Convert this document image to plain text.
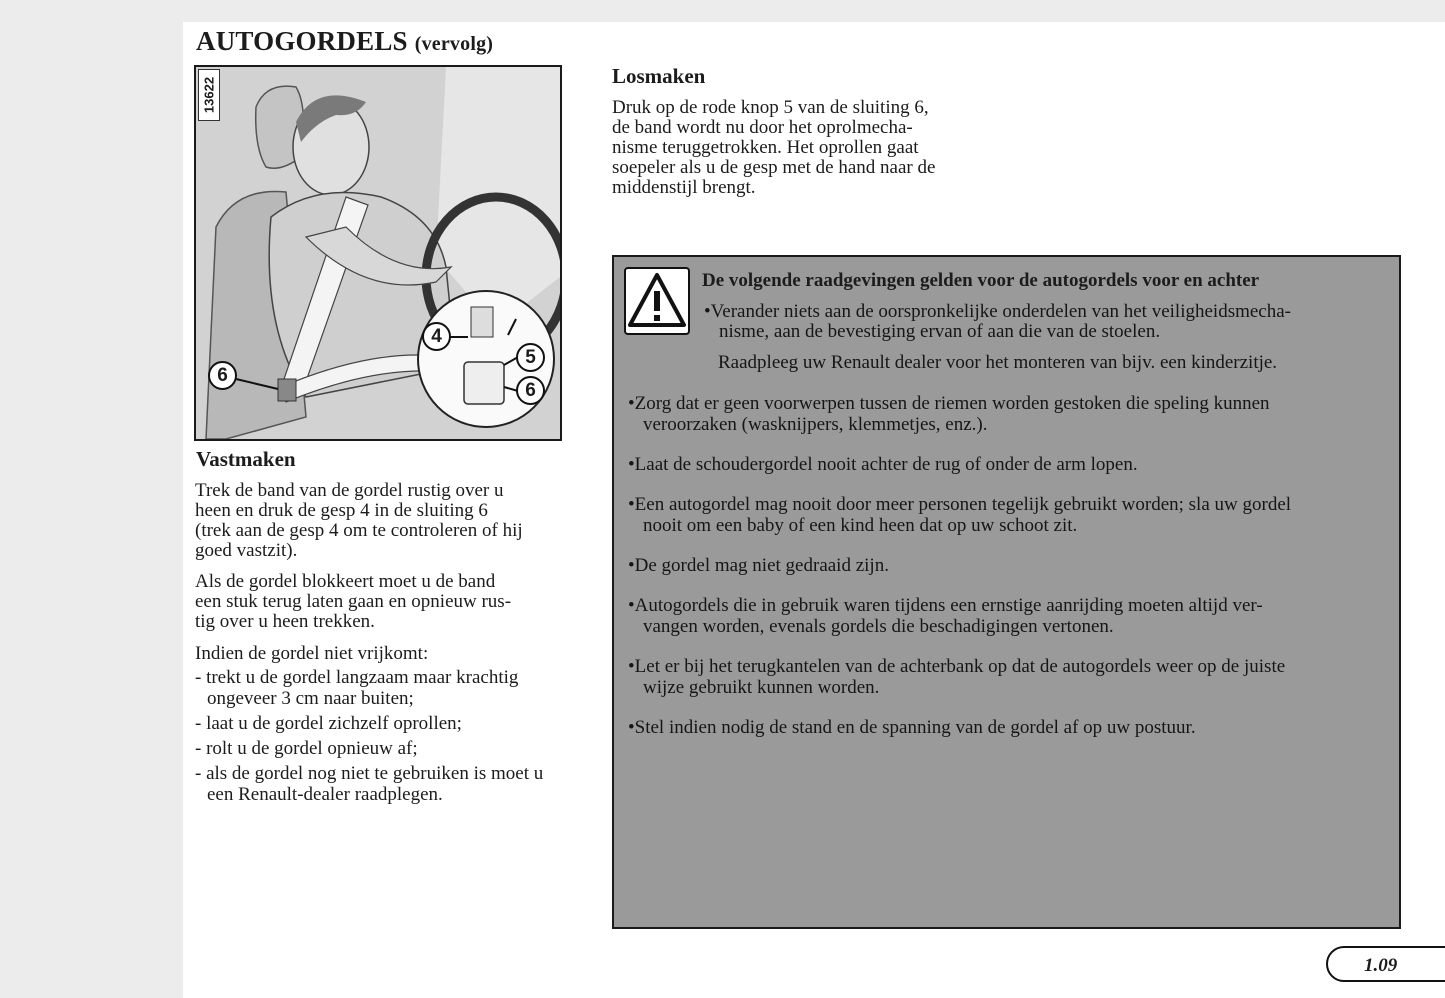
AUTOGORDELS (vervolg)
13622
4
5
6
6
Vastmaken

Trek de band van de gordel rustig over u

heen en druk de gesp 4 in de sluiting 6

(trek aan de gesp 4 om te controleren of hij

goed vastzit).

Als de gordel blokkeert moet u de band

een stuk terug laten gaan en opnieuw rus-

tig over u heen trekken.

Indien de gordel niet vrijkomt:

- trekt u de gordel langzaam maar krachtig ongeveer 3 cm naar buiten;
- laat u de gordel zichzelf oprollen;
- rolt u de gordel opnieuw af;
- als de gordel nog niet te gebruiken is moet u een Renault-dealer raadplegen.
Losmaken

Druk op de rode knop 5 van de sluiting 6,

de band wordt nu door het oprolmecha-

nisme teruggetrokken. Het oprollen gaat

soepeler als u de gesp met de hand naar de

middenstijl brengt.

De volgende raadgevingen gelden voor de autogordels voor en achter

• Verander niets aan de oorspronkelijke onderdelen van het veiligheidsmecha-

nisme, aan de bevestiging ervan of aan die van de stoelen.

Raadpleeg uw Renault dealer voor het monteren van bijv. een kinderzitje.

• Zorg dat er geen voorwerpen tussen de riemen worden gestoken die speling kunnen

veroorzaken (wasknijpers, klemmetjes, enz.).

• Laat de schoudergordel nooit achter de rug of onder de arm lopen.

• Een autogordel mag nooit door meer personen tegelijk gebruikt worden; sla uw gordel

nooit om een baby of een kind heen dat op uw schoot zit.

• De gordel mag niet gedraaid zijn.

• Autogordels die in gebruik waren tijdens een ernstige aanrijding moeten altijd ver-

vangen worden, evenals gordels die beschadigingen vertonen.

• Let er bij het terugkantelen van de achterbank op dat de autogordels weer op de juiste

wijze gebruikt kunnen worden.

• Stel indien nodig de stand en de spanning van de gordel af op uw postuur.

1.09
